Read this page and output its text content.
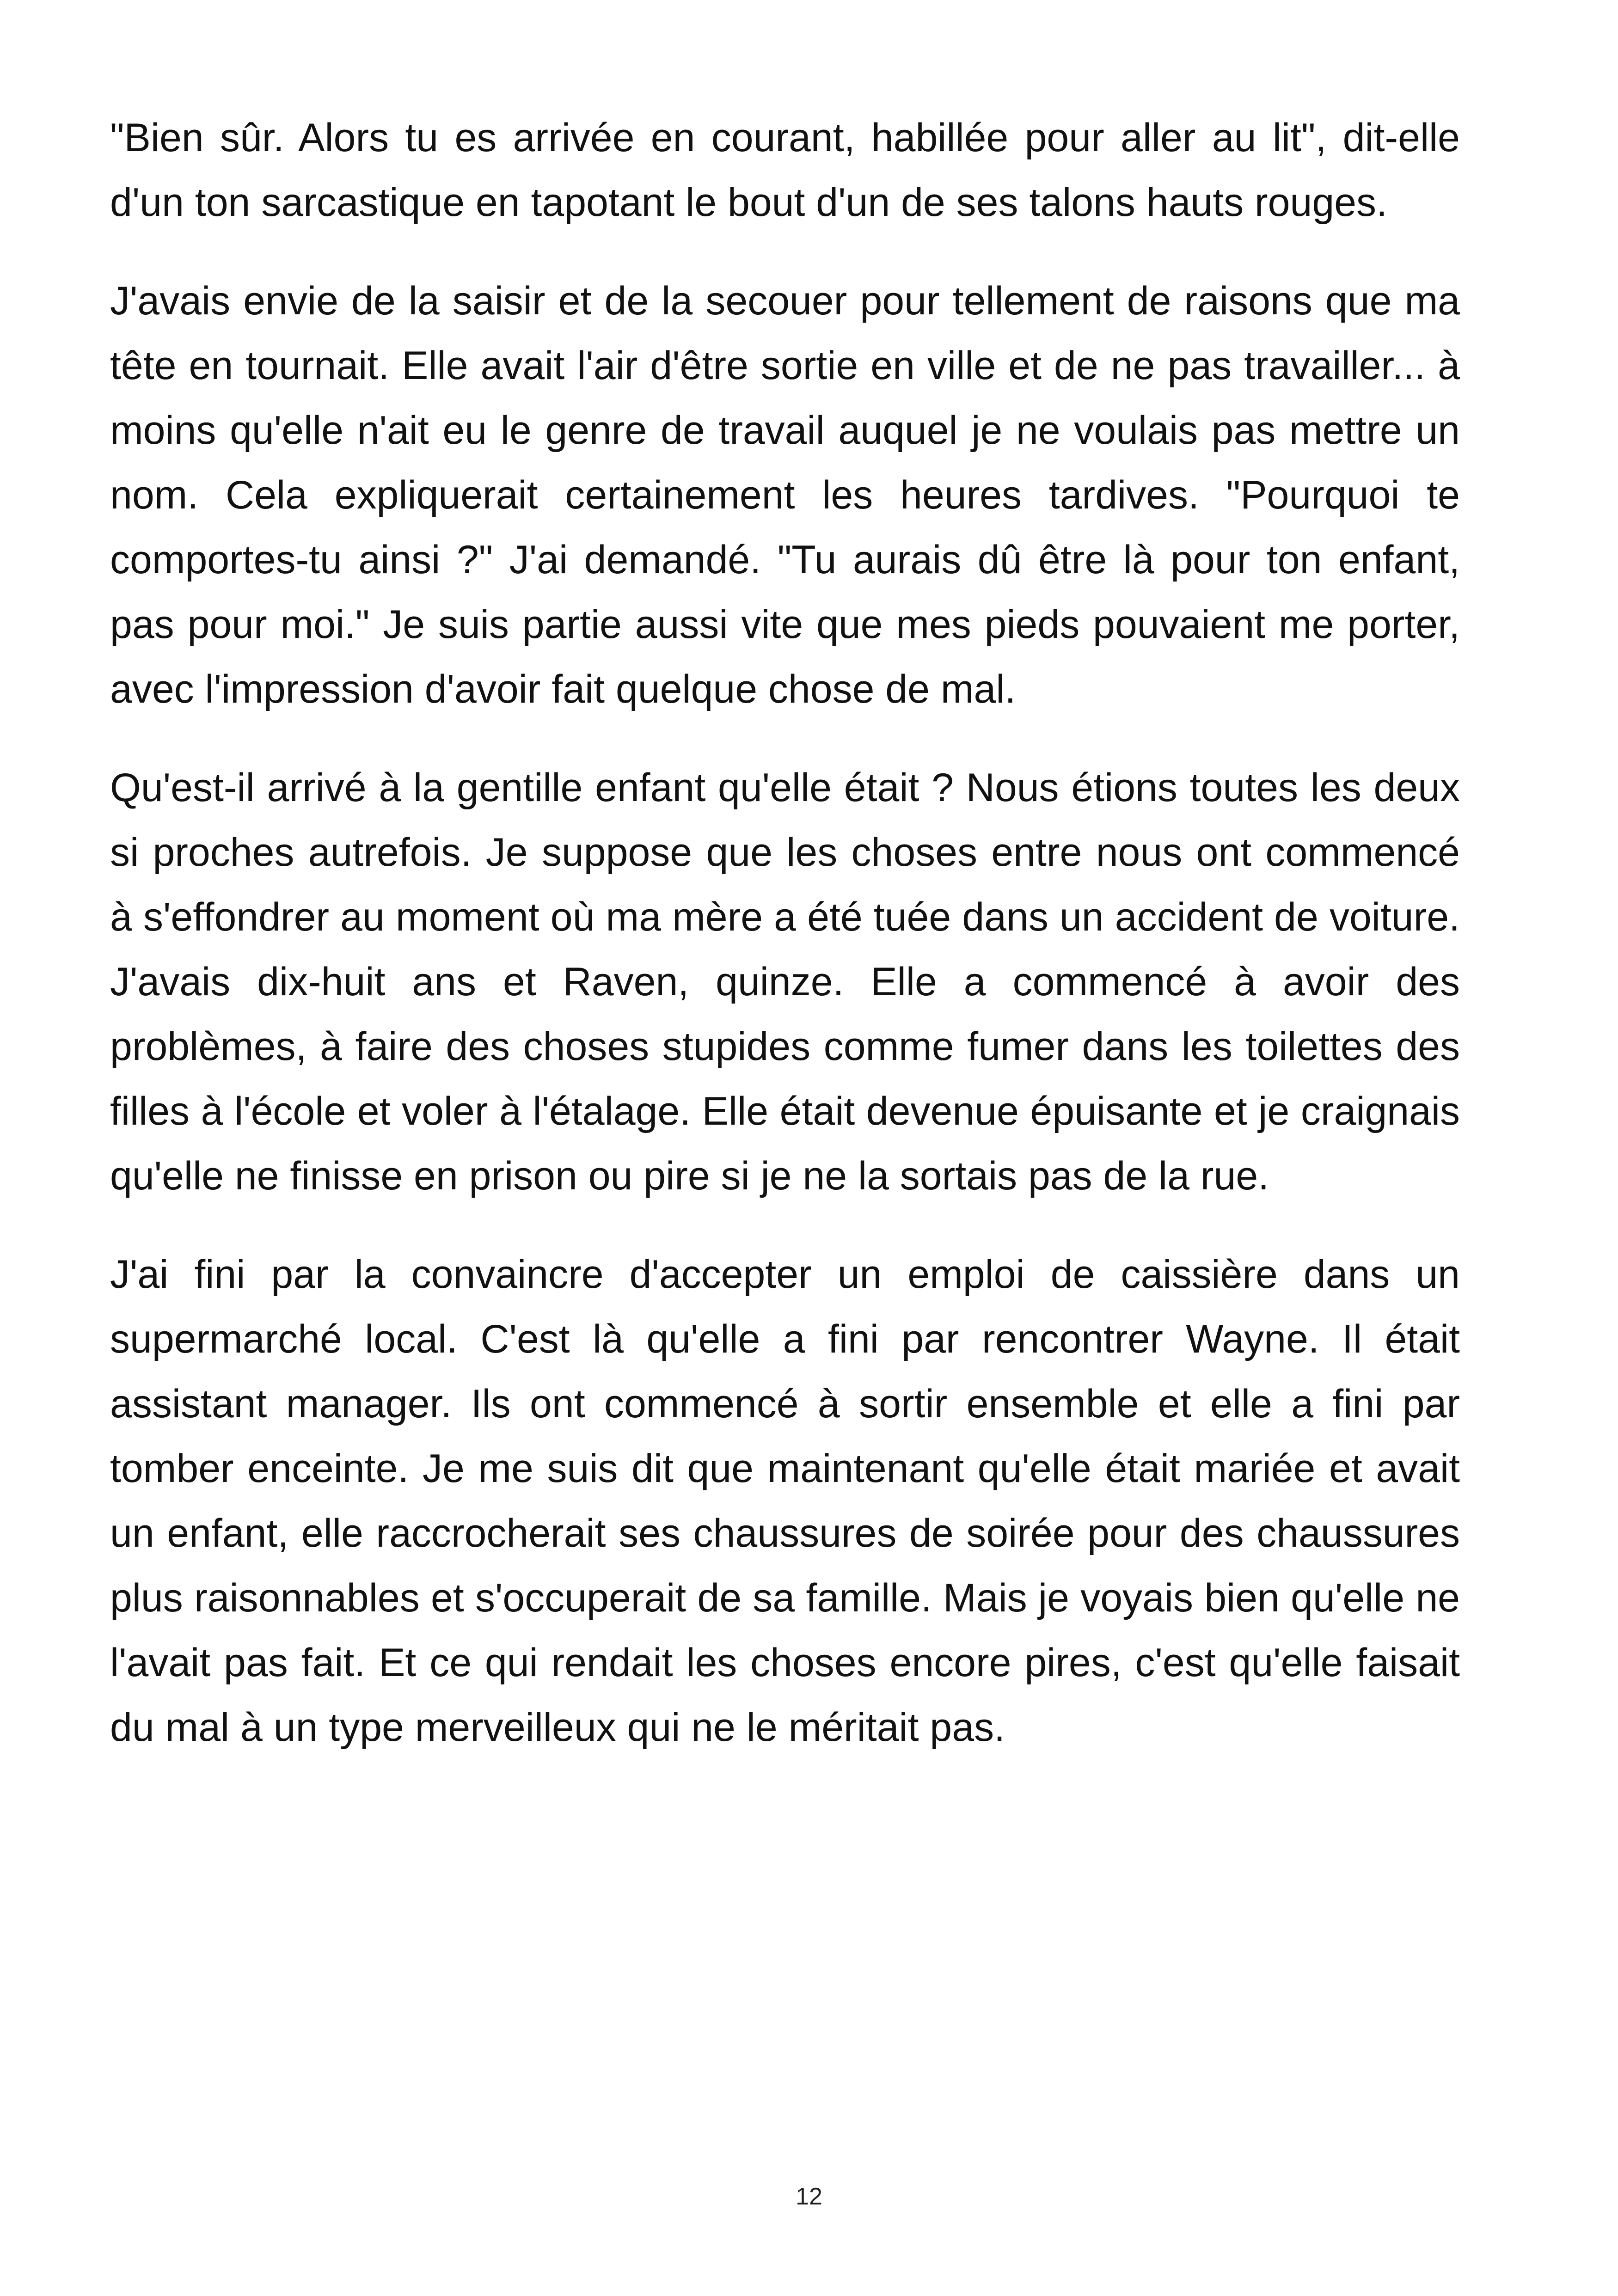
"Bien sûr. Alors tu es arrivée en courant, habillée pour aller au lit", dit-elle d'un ton sarcastique en tapotant le bout d'un de ses talons hauts rouges.

J'avais envie de la saisir et de la secouer pour tellement de raisons que ma tête en tournait. Elle avait l'air d'être sortie en ville et de ne pas travailler... à moins qu'elle n'ait eu le genre de travail auquel je ne voulais pas mettre un nom. Cela expliquerait certainement les heures tardives. "Pourquoi te comportes-tu ainsi ?" J'ai demandé. "Tu aurais dû être là pour ton enfant, pas pour moi." Je suis partie aussi vite que mes pieds pouvaient me porter, avec l'impression d'avoir fait quelque chose de mal.

Qu'est-il arrivé à la gentille enfant qu'elle était ? Nous étions toutes les deux si proches autrefois. Je suppose que les choses entre nous ont commencé à s'effondrer au moment où ma mère a été tuée dans un accident de voiture. J'avais dix-huit ans et Raven, quinze. Elle a commencé à avoir des problèmes, à faire des choses stupides comme fumer dans les toilettes des filles à l'école et voler à l'étalage. Elle était devenue épuisante et je craignais qu'elle ne finisse en prison ou pire si je ne la sortais pas de la rue.

J'ai fini par la convaincre d'accepter un emploi de caissière dans un supermarché local. C'est là qu'elle a fini par rencontrer Wayne. Il était assistant manager. Ils ont commencé à sortir ensemble et elle a fini par tomber enceinte. Je me suis dit que maintenant qu'elle était mariée et avait un enfant, elle raccrocherait ses chaussures de soirée pour des chaussures plus raisonnables et s'occuperait de sa famille. Mais je voyais bien qu'elle ne l'avait pas fait. Et ce qui rendait les choses encore pires, c'est qu'elle faisait du mal à un type merveilleux qui ne le méritait pas.

12
